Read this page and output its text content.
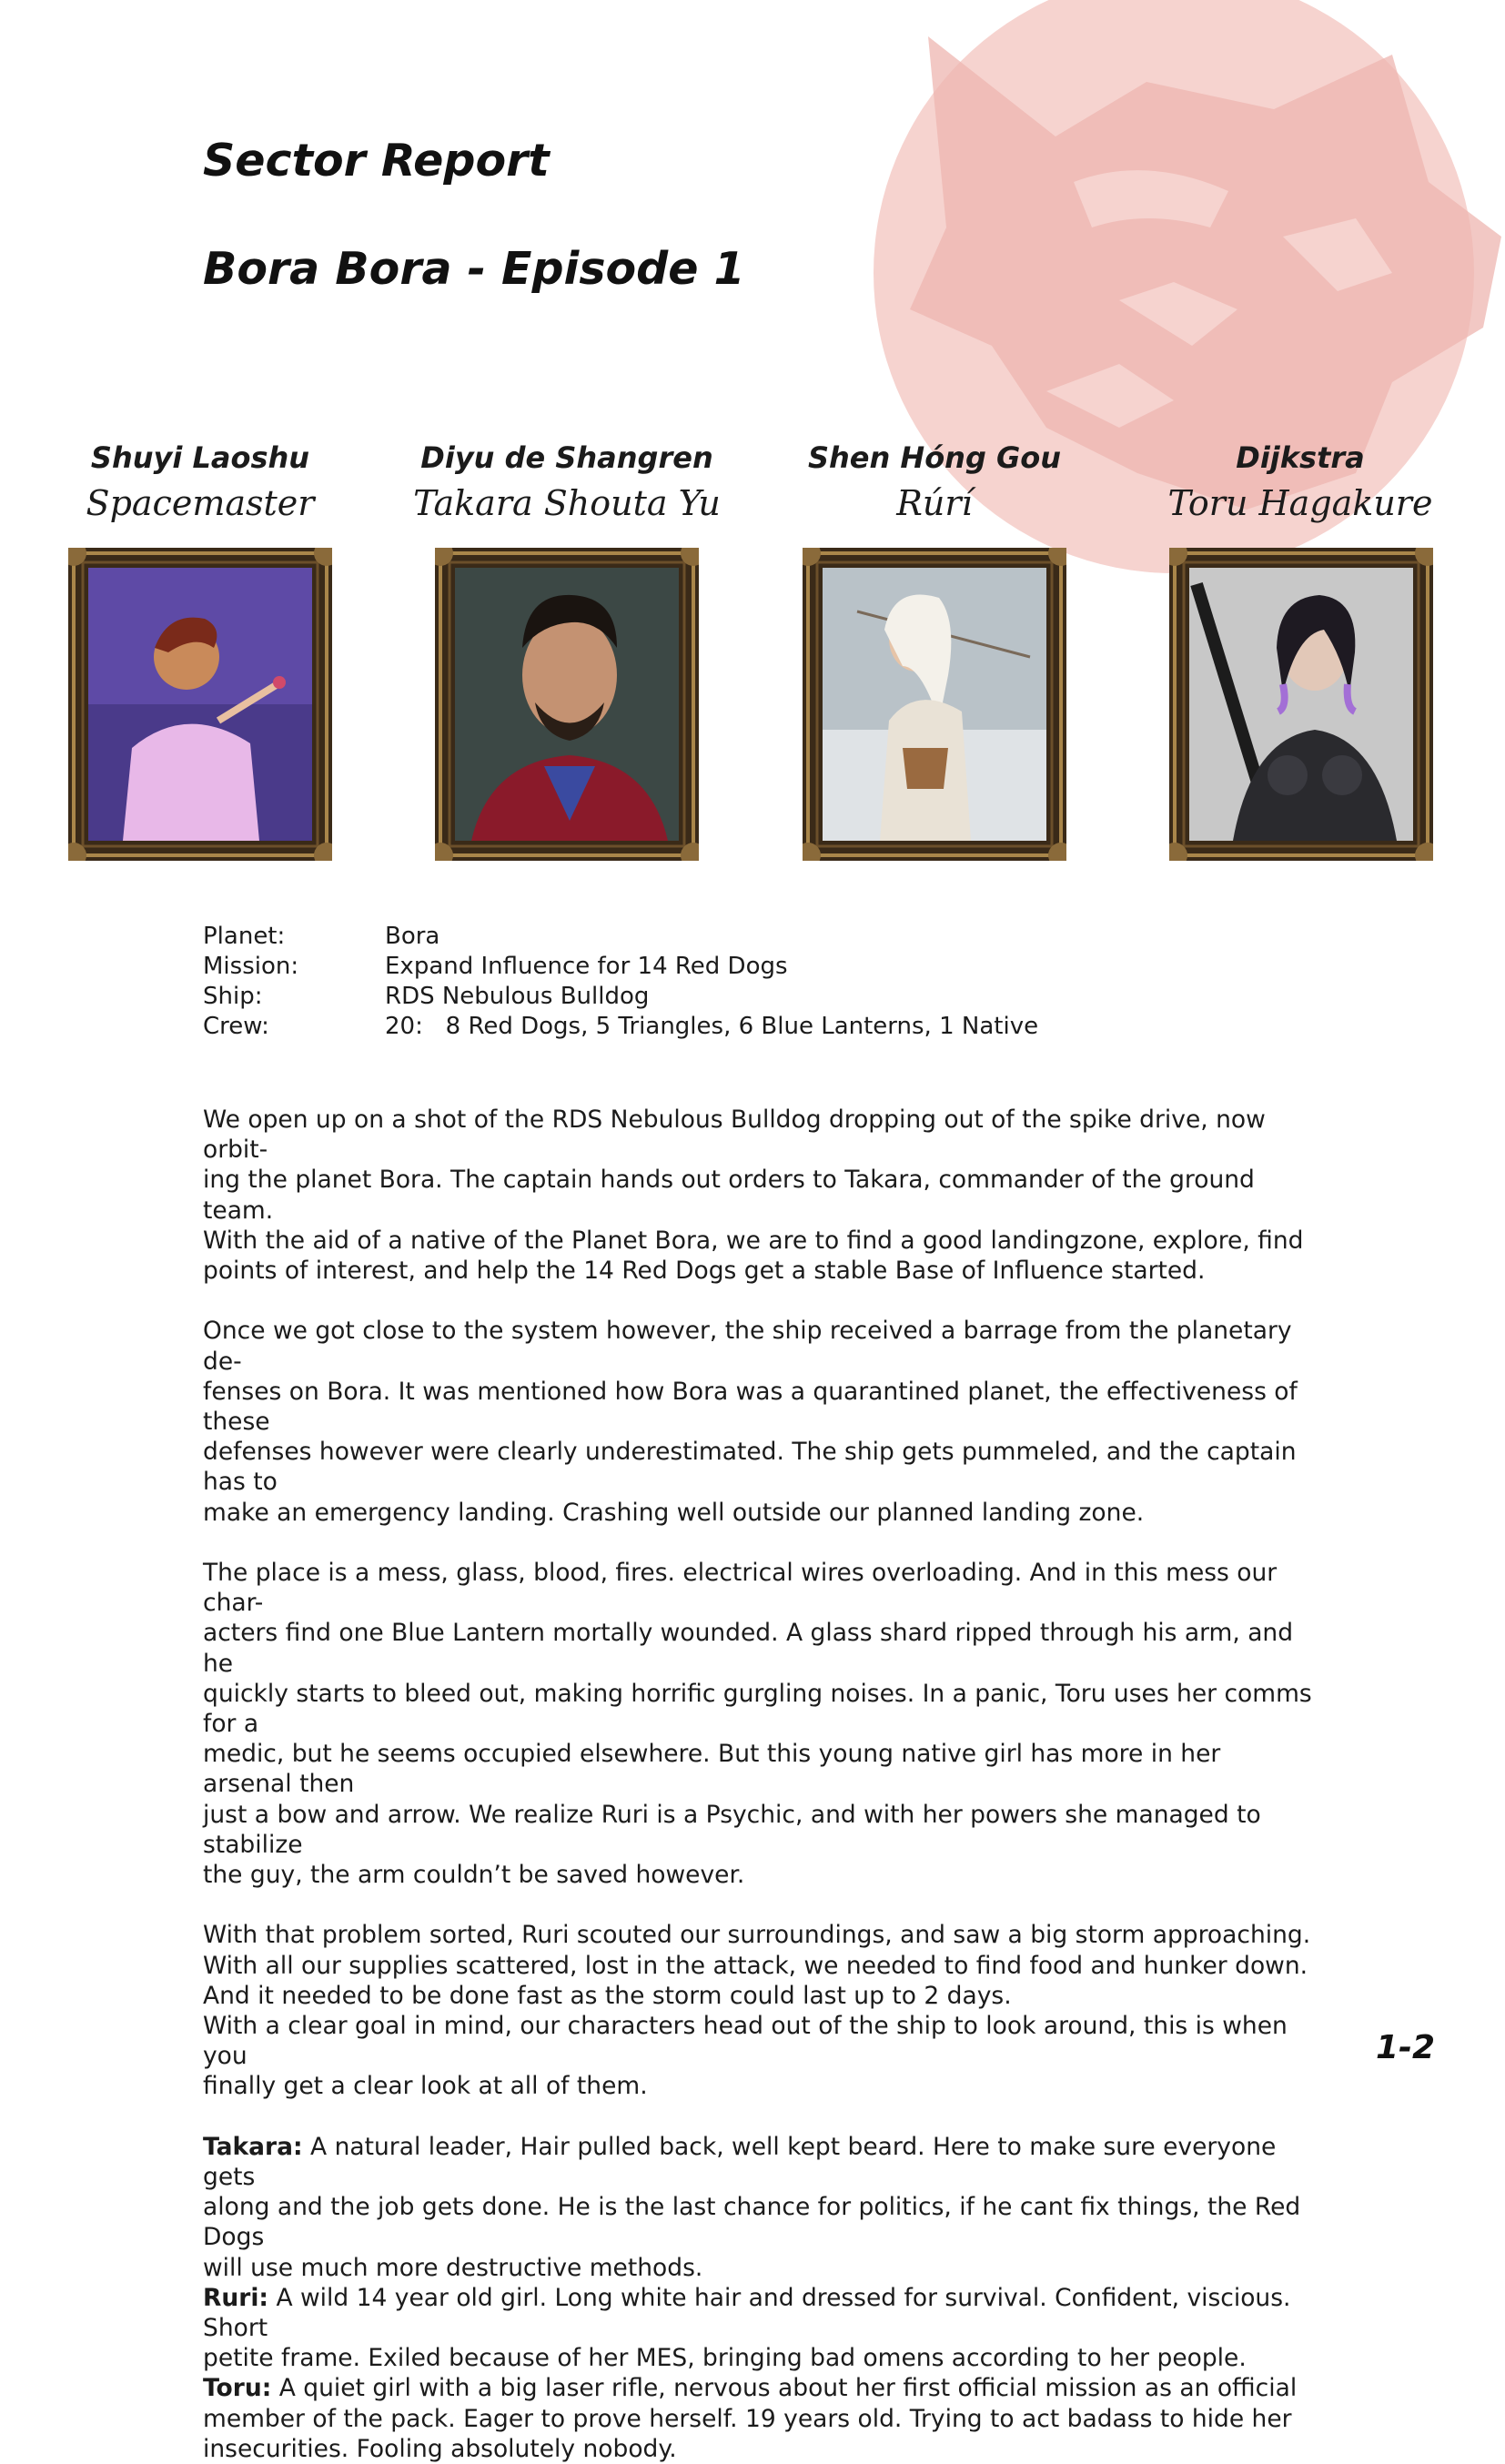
Sector Report
Bora Bora - Episode 1
Shuyi Laoshu
Spacemaster
Diyu de Shangren
Takara Shouta Yu
Shen Hóng Gou
Rúrí
Dijkstra
Toru Hagakure
Planet:	Bora
Mission:	Expand Influence for 14 Red Dogs
Ship:	RDS Nebulous Bulldog
Crew:	20:   8 Red Dogs, 5 Triangles, 6 Blue Lanterns, 1 Native

We open up on a shot of the RDS Nebulous Bulldog dropping out of the spike drive, now orbit-
ing the planet Bora. The captain hands out orders to Takara, commander of the ground team.
With the aid of a native of the Planet Bora, we are to find a good landingzone, explore, find
points of interest, and help the 14 Red Dogs get a stable Base of Influence started.

Once we got close to the system however, the ship received a barrage from the planetary de-
fenses on Bora. It was mentioned how Bora was a quarantined planet, the effectiveness of these
defenses however were clearly underestimated. The ship gets pummeled, and the captain has to
make an emergency landing. Crashing well outside our planned landing zone.

The place is a mess, glass, blood, fires. electrical wires overloading. And in this mess our char-
acters find one Blue Lantern mortally wounded. A glass shard ripped through his arm, and he
quickly starts to bleed out, making horrific gurgling noises. In a panic, Toru uses her comms for a
medic, but he seems occupied elsewhere. But this young native girl has more in her arsenal then
just a bow and arrow. We realize Ruri is a Psychic, and with her powers she managed to stabilize
the guy, the arm couldn’t be saved however.

With that problem sorted, Ruri scouted our surroundings, and saw a big storm approaching.
With all our supplies scattered, lost in the attack, we needed to find food and hunker down.
And it needed to be done fast as the storm could last up to 2 days.
With a clear goal in mind, our characters head out of the ship to look around, this is when you
finally get a clear look at all of them.

Takara: A natural leader, Hair pulled back, well kept beard. Here to make sure everyone gets
along and the job gets done. He is the last chance for politics, if he cant fix things, the Red Dogs
will use much more destructive methods.

Ruri: A wild 14 year old girl. Long white hair and dressed for survival. Confident, viscious. Short
petite frame. Exiled because of her MES, bringing bad omens according to her people.

Toru: A quiet girl with a big laser rifle, nervous about her first official mission as an official
member of the pack. Eager to prove herself. 19 years old. Trying to act badass to hide her
insecurities. Fooling absolutely nobody.

1-2
